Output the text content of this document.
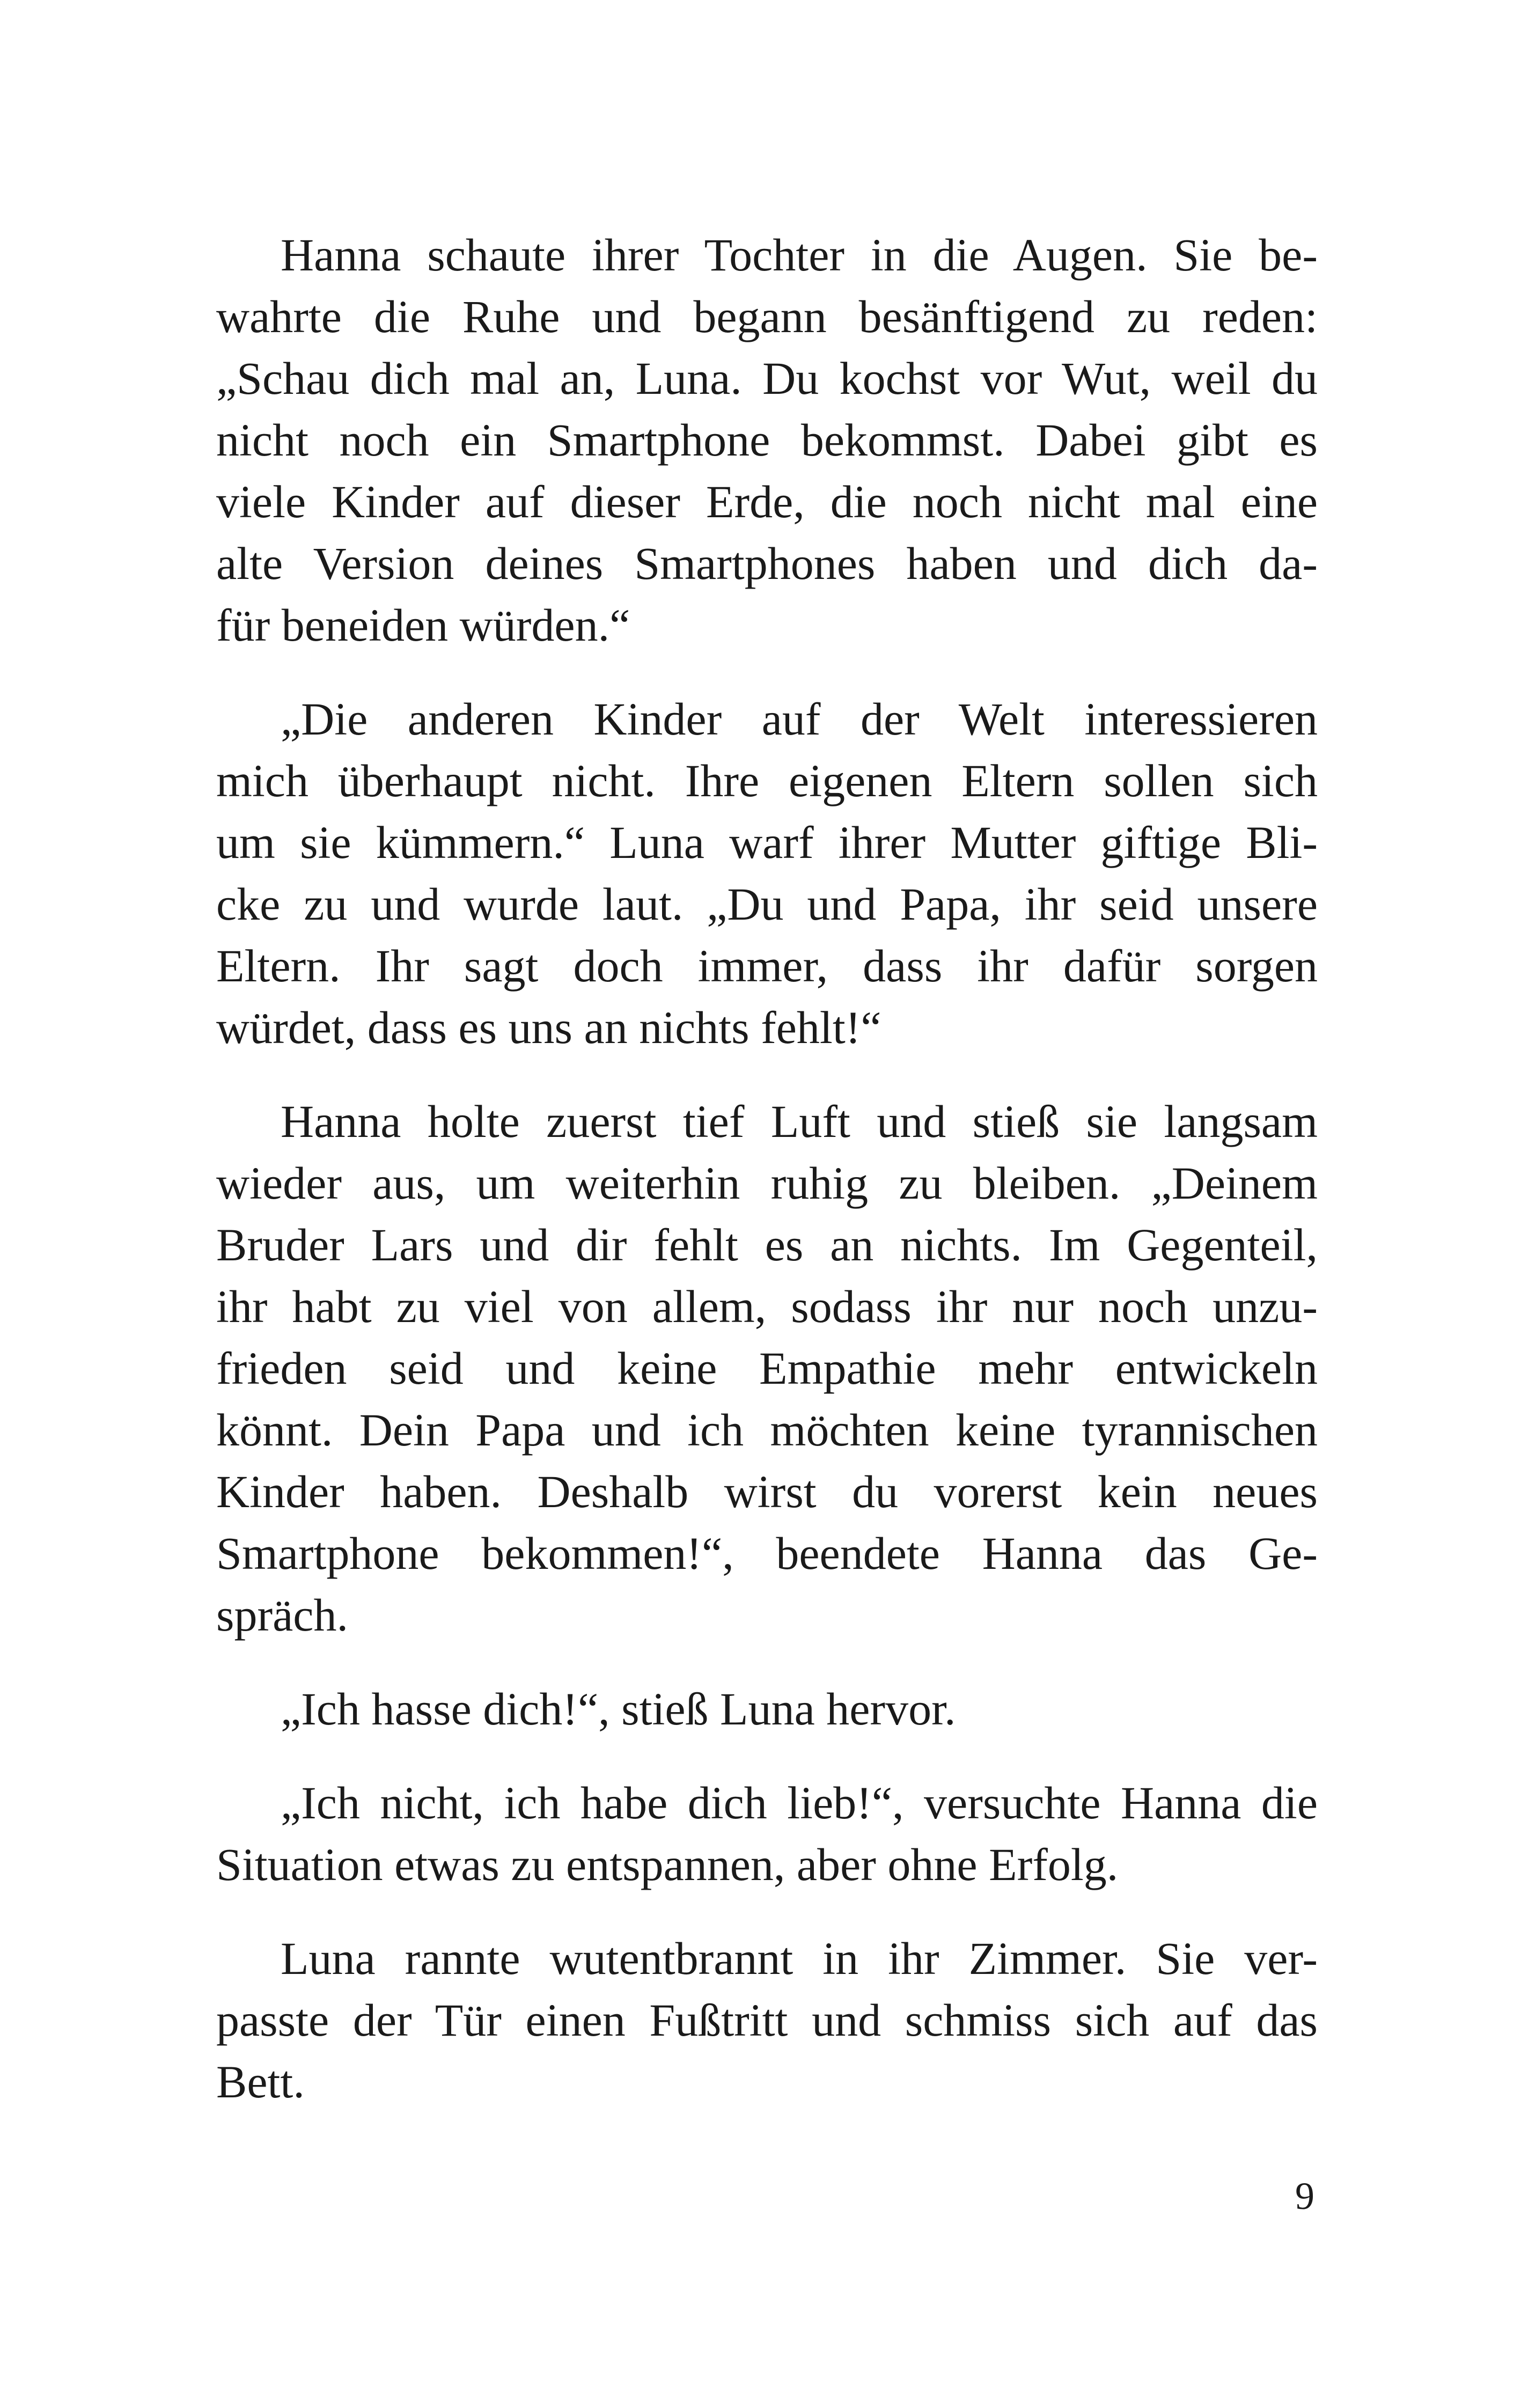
Hanna schaute ihrer Tochter in die Augen. Sie be-
wahrte die Ruhe und begann besänftigend zu reden:
„Schau dich mal an, Luna. Du kochst vor Wut, weil du
nicht noch ein Smartphone bekommst. Dabei gibt es
viele Kinder auf dieser Erde, die noch nicht mal eine
alte Version deines Smartphones haben und dich da-
für beneiden würden.“
„Die anderen Kinder auf der Welt interessieren
mich überhaupt nicht. Ihre eigenen Eltern sollen sich
um sie kümmern.“ Luna warf ihrer Mutter giftige Bli-
cke zu und wurde laut. „Du und Papa, ihr seid unsere
Eltern. Ihr sagt doch immer, dass ihr dafür sorgen
würdet, dass es uns an nichts fehlt!“
Hanna holte zuerst tief Luft und stieß sie langsam
wieder aus, um weiterhin ruhig zu bleiben. „Deinem
Bruder Lars und dir fehlt es an nichts. Im Gegenteil,
ihr habt zu viel von allem, sodass ihr nur noch unzu-
frieden seid und keine Empathie mehr entwickeln
könnt. Dein Papa und ich möchten keine tyrannischen
Kinder haben. Deshalb wirst du vorerst kein neues
Smartphone bekommen!“, beendete Hanna das Ge-
spräch.
„Ich hasse dich!“, stieß Luna hervor.
„Ich nicht, ich habe dich lieb!“, versuchte Hanna die
Situation etwas zu entspannen, aber ohne Erfolg.
Luna rannte wutentbrannt in ihr Zimmer. Sie ver-
passte der Tür einen Fußtritt und schmiss sich auf das
Bett.
9
